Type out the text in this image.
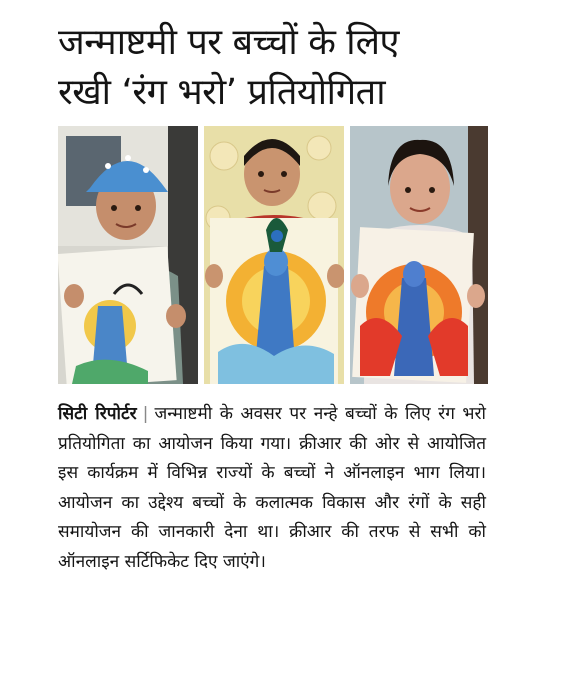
जन्माष्टमी पर बच्चों के लिए
रखी ‘रंग भरो’ प्रतियोगिता

सिटी रिपोर्टर | जन्माष्टमी के अवसर पर नन्हे बच्चों के लिए रंग भरो प्रतियोगिता का आयोजन किया गया। क्रीआर की ओर से आयोजित इस कार्यक्रम में विभिन्न राज्यों के बच्चों ने ऑनलाइन भाग लिया। आयोजन का उद्देश्य बच्चों के कलात्मक विकास और रंगों के सही समायोजन की जानकारी देना था। क्रीआर की तरफ से सभी को ऑनलाइन सर्टिफिकेट दिए जाएंगे।
